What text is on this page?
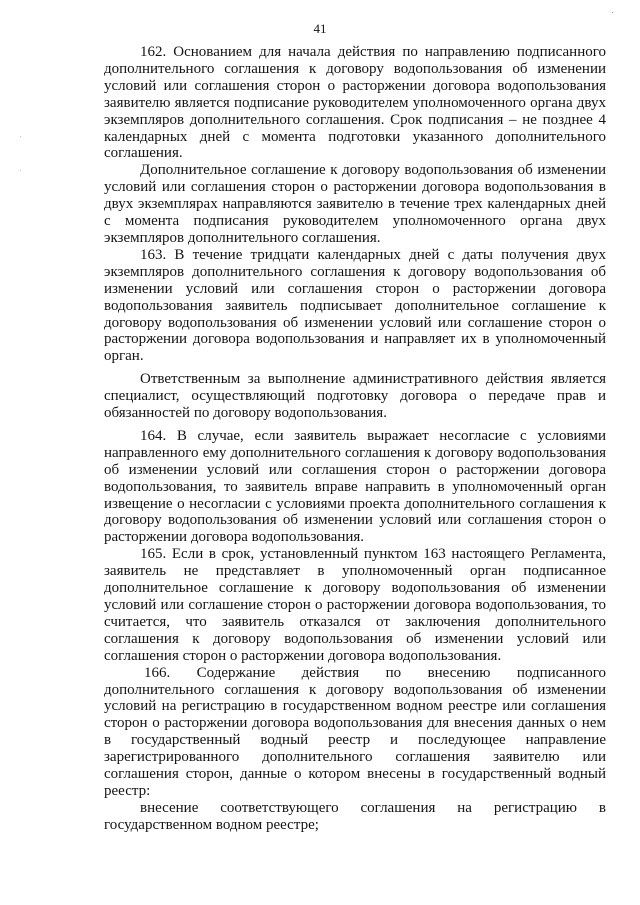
41

162. Основанием для начала действия по направлению подписанного дополнительного соглашения к договору водопользования об изменении условий или соглашения сторон о расторжении договора водопользования заявителю является подписание руководителем уполномоченного органа двух экземпляров дополнительного соглашения. Срок подписания – не позднее 4 календарных дней с момента подготовки указанного дополнительного соглашения.

Дополнительное соглашение к договору водопользования об изменении условий или соглашения сторон о расторжении договора водопользования в двух экземплярах направляются заявителю в течение трех календарных дней с момента подписания руководителем уполномоченного органа двух экземпляров дополнительного соглашения.

163. В течение тридцати календарных дней с даты получения двух экземпляров дополнительного соглашения к договору водопользования об изменении условий или соглашения сторон о расторжении договора водопользования заявитель подписывает дополнительное соглашение к договору водопользования об изменении условий или соглашение сторон о расторжении договора водопользования и направляет их в уполномоченный орган.

Ответственным за выполнение административного действия является специалист, осуществляющий подготовку договора о передаче прав и обязанностей по договору водопользования.

164. В случае, если заявитель выражает несогласие с условиями направленного ему дополнительного соглашения к договору водопользования об изменении условий или соглашения сторон о расторжении договора водопользования, то заявитель вправе направить в уполномоченный орган извещение о несогласии с условиями проекта дополнительного соглашения к договору водопользования об изменении условий или соглашения сторон о расторжении договора водопользования.

165. Если в срок, установленный пунктом 163 настоящего Регламента, заявитель не представляет в уполномоченный орган подписанное дополнительное соглашение к договору водопользования об изменении условий или соглашение сторон о расторжении договора водопользования, то считается, что заявитель отказался от заключения дополнительного соглашения к договору водопользования об изменении условий или соглашения сторон о расторжении договора водопользования.

166. Содержание действия по внесению подписанного дополнительного соглашения к договору водопользования об изменении условий на регистрацию в государственном водном реестре или соглашения сторон о расторжении договора водопользования для внесения данных о нем в государственный водный реестр и последующее направление зарегистрированного дополнительного соглашения заявителю или соглашения сторон, данные о котором внесены в государственный водный реестр:

внесение соответствующего соглашения на регистрацию в государственном водном реестре;
